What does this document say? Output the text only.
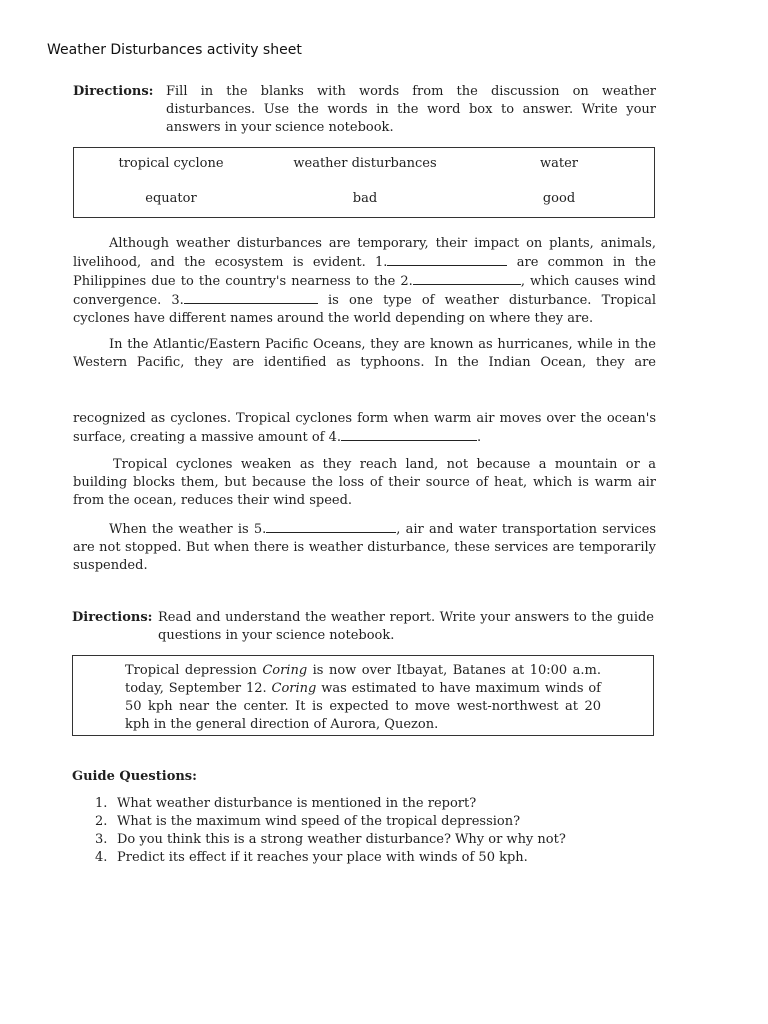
Weather Disturbances activity sheet
Directions: Fill in the blanks with words from the discussion on weather disturbances. Use the words in the word box to answer. Write your answers in your science notebook.
tropical cyclone	weather disturbances	water
equator	bad	good
Although weather disturbances are temporary, their impact on plants, animals, livelihood, and the ecosystem is evident. 1.	are common in the Philippines due to the country's nearness to the 2.	, which causes wind convergence. 3.	is one type of weather disturbance. Tropical cyclones have different names around the world depending on where they are.
In the Atlantic/Eastern Pacific Oceans, they are known as hurricanes, while in the Western Pacific, they are identified as typhoons. In the Indian Ocean, they are
recognized as cyclones. Tropical cyclones form when warm air moves over the ocean's surface, creating a massive amount of 4.	.
Tropical cyclones weaken as they reach land, not because a mountain or a building blocks them, but because the loss of their source of heat, which is warm air from the ocean, reduces their wind speed.
When the weather is 5.	, air and water transportation services are not stopped. But when there is weather disturbance, these services are temporarily suspended.
Directions: Read and understand the weather report. Write your answers to the guide questions in your science notebook.
Tropical depression Coring is now over Itbayat, Batanes at 10:00 a.m. today, September 12. Coring was estimated to have maximum winds of 50 kph near the center. It is expected to move west-northwest at 20 kph in the general direction of Aurora, Quezon.
Guide Questions:
1. What weather disturbance is mentioned in the report?
2. What is the maximum wind speed of the tropical depression?
3. Do you think this is a strong weather disturbance? Why or why not?
4. Predict its effect if it reaches your place with winds of 50 kph.
